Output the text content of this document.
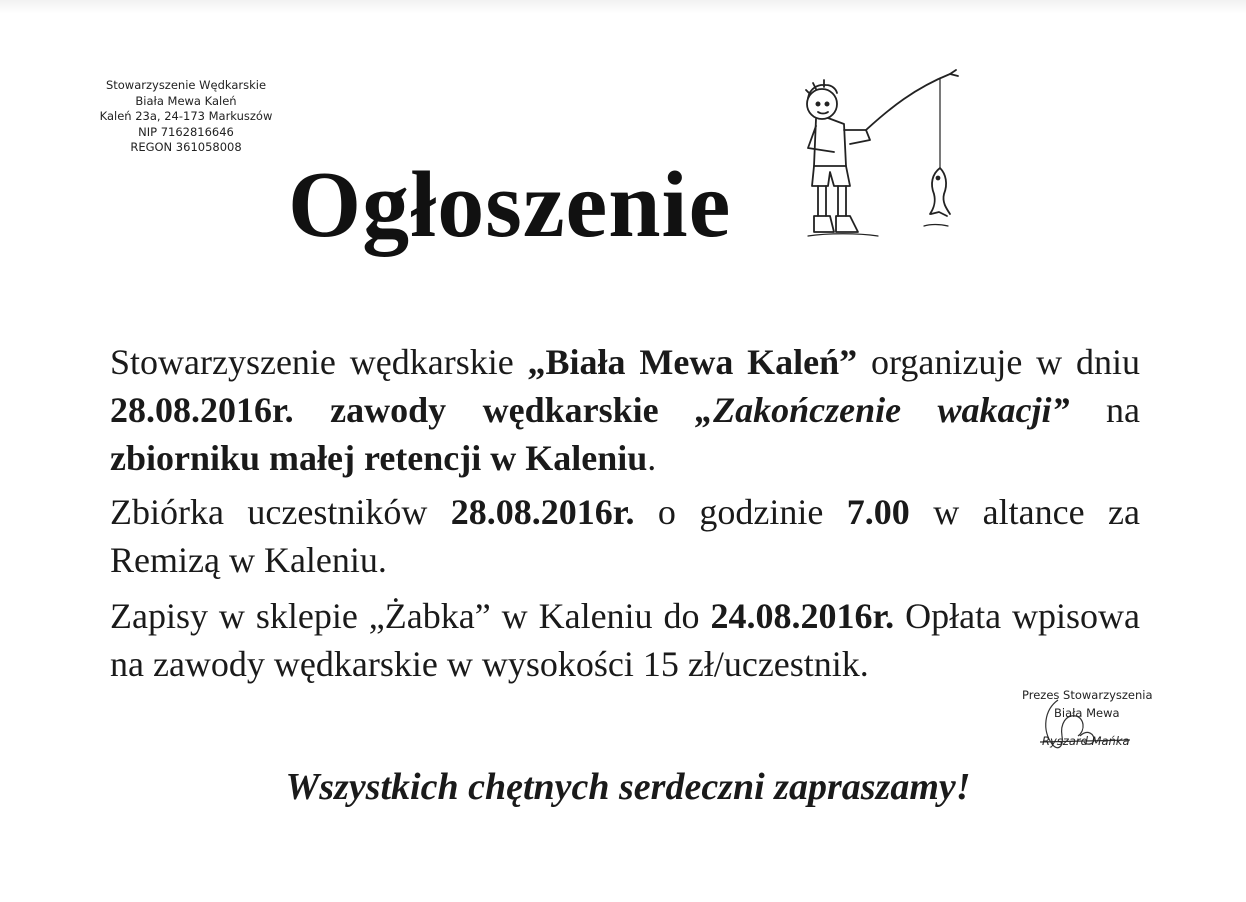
Stowarzyszenie Wędkarskie
Biała Mewa Kaleń
Kaleń 23a, 24-173 Markuszów
NIP 7162816646
REGON 361058008
Ogłoszenie
Stowarzyszenie wędkarskie „Biała Mewa Kaleń” organizuje w dniu 28.08.2016r. zawody wędkarskie „Zakończenie wakacji” na zbiorniku małej retencji w Kaleniu.
Zbiórka uczestników 28.08.2016r. o godzinie 7.00 w altance za Remizą w Kaleniu.
Zapisy w sklepie „Żabka” w Kaleniu do 24.08.2016r. Opłata wpisowa na zawody wędkarskie w wysokości 15 zł/uczestnik.
Prezes Stowarzyszenia
Biała Mewa
Ryszard Mańka
Wszystkich chętnych serdeczni zapraszamy!
